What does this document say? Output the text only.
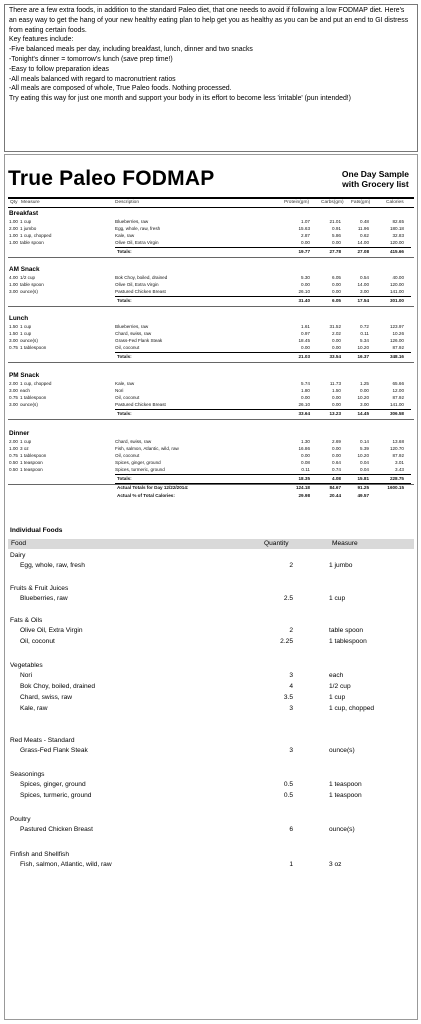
There are a few extra foods, in addition to the standard Paleo diet, that one needs to avoid if following a low FODMAP diet. Here's an easy way to get the hang of your new healthy eating plan to help get you as healthy as you can be and put an end to GI distress from eating certain foods.

Key features include:

-Five balanced meals per day, including breakfast, lunch, dinner and two snacks

-Tonight's dinner = tomorrow's lunch (save prep time!)

-Easy to follow preparation ideas

-All meals balanced with regard to macronutrient ratios

-All meals are composed of whole, True Paleo foods. Nothing processed.

Try eating this way for just one month and support your body in its effort to become less 'irritable' (pun intended!)

True Paleo FODMAP	One Day Sample
with Grocery list
Qty Measure	Description	Protein(gm) Carbs(gm) Fats(gm)	Calories
Breakfast
1.00 1 cup	Blueberries, raw	1.07	21.01	0.48	82.65
2.00 1 jumbo	Egg, whole, raw, fresh	15.63	0.91	11.96	180.18
1.00 1 cup, chopped	Kale, raw	2.87	5.86	0.62	32.83
1.00 table spoon	Olive Oil, Extra Virgin	0.00	0.00	14.00	120.00
Totals:	19.77	27.78	27.08	415.66
AM Snack
4.00 1/2 cup	Bok Choy, boiled, drained	5.30	6.05	0.54	40.00
1.00 table spoon	Olive Oil, Extra Virgin	0.00	0.00	14.00	120.00
3.00 ounce(s)	Pastured Chicken Breast	26.10	0.00	3.00	141.00
Totals:	31.40	6.05	17.54	301.00
Lunch
1.50 1 cup	Blueberries, raw	1.61	31.52	0.72	123.97
1.50 1 cup	Chard, swiss, raw	0.97	2.02	0.11	10.26
3.00 ounce(s)	Grass-Fed Flank Steak	18.45	0.00	5.34	126.00
0.75 1 tablespoon	Oil, coconut	0.00	0.00	10.20	87.92
Totals:	21.03	33.54	16.37	348.16
PM Snack
2.00 1 cup, chopped	Kale, raw	5.74	11.73	1.25	65.66
3.00 each	Nori	1.80	1.50	0.00	12.00
0.75 1 tablespoon	Oil, coconut	0.00	0.00	10.20	87.92
3.00 ounce(s)	Pastured Chicken Breast	26.10	0.00	3.00	141.00
Totals:	33.64	13.23	14.45	306.58
Dinner
2.00 1 cup	Chard, swiss, raw	1.30	2.69	0.14	13.68
1.00 3 oz	Fish, salmon, Atlantic, wild, raw	16.86	0.00	5.39	120.70
0.75 1 tablespoon	Oil, coconut	0.00	0.00	10.20	87.92
0.50 1 teaspoon	Spices, ginger, ground	0.08	0.64	0.04	3.01
0.50 1 teaspoon	Spices, turmeric, ground	0.11	0.74	0.04	3.43
Totals:	18.35	4.08	15.81	228.75
Actual Totals for Day 12/22/2014:	124.18	84.67	91.25	1600.15
Actual % of Total Calories:	29.98	20.44	49.57
Individual Foods
Food	Quantity	Measure
Dairy
Egg, whole, raw, fresh	2	1 jumbo
Fruits & Fruit Juices
Blueberries, raw	2.5	1 cup
Fats & Oils
Olive Oil, Extra Virgin	2	table spoon
Oil, coconut	2.25	1 tablespoon
Vegetables
Nori	3	each
Bok Choy, boiled, drained	4	1/2 cup
Chard, swiss, raw	3.5	1 cup
Kale, raw	3	1 cup, chopped
Red Meats - Standard
Grass-Fed Flank Steak	3	ounce(s)
Seasonings
Spices, ginger, ground	0.5	1 teaspoon
Spices, turmeric, ground	0.5	1 teaspoon
Poultry
Pastured Chicken Breast	6	ounce(s)
Finfish and Shellfish
Fish, salmon, Atlantic, wild, raw	1	3 oz
